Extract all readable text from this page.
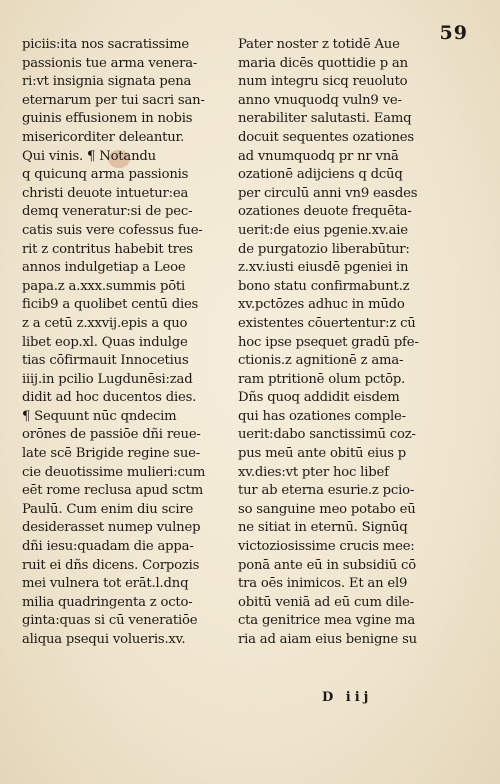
59
piciis:ita nos sacratissime
passionis tue arma venera-
ri:vt insignia signata pena
eternarum per tui sacri san-
guinis effusionem in nobis
misericorditer deleantur.
Qui vinis. ¶ Notandu
q quicunq arma passionis
christi deuote intuetur:ea
demq veneratur:si de pec-
catis suis vere cofessus fue-
rit z contritus habebit tres
annos indulgetiap a Leoe
papa.z a.xxx.summis pōti
ficib9 a quolibet centū dies
z a cetū z.xxvij.epis a quo
libet eop.xl. Quas indulge
tias cōfirmauit Innocetius
iiij.in pcilio Lugdunēsi:zad
didit ad hoc ducentos dies.
¶ Sequunt nūc qndecim
orōnes de passiōe dñi reue-
late scē Brigide regine sue-
cie deuotissime mulieri:cum
eēt rome reclusa apud sctm
Paulū. Cum enim diu scire
desiderasset numep vulnep
dñi iesu:quadam die appa-
ruit ei dñs dicens. Corpozis
mei vulnera tot erāt.l.dnq
milia quadringenta z octo-
ginta:quas si cū veneratiōe
aliqua psequi volueris.xv.
Pater noster z totidē Aue
maria dicēs quottidie p an
num integru sicq reuoluto
anno vnuquodq vuln9 ve-
nerabiliter salutasti. Eamq
docuit sequentes ozationes
ad vnumquodq pr nr vnā
ozationē adijciens q dcūq
per circulū anni vn9 easdes
ozationes deuote frequēta-
uerit:de eius pgenie.xv.aie
de purgatozio liberabūtur:
z.xv.iusti eiusdē pgeniei in
bono statu confirmabunt.z
xv.pctōzes adhuc in mūdo
existentes cōuertentur:z cū
hoc ipse psequet gradū pfe-
ctionis.z agnitionē z ama-
ram ptritionē olum pctōp.
Dñs quoq addidit eisdem
qui has ozationes comple-
uerit:dabo sanctissimū coz-
pus meū ante obitū eius p
xv.dies:vt pter hoc libef
tur ab eterna esurie.z pcio-
so sanguine meo potabo eū
ne sitiat in eternū. Signūq
victoziosissime crucis mee:
ponā ante eū in subsidiū cō
tra oēs inimicos. Et an el9
obitū veniā ad eū cum dile-
cta genitrice mea vgine ma
ria ad aiam eius benigne su
D iij
